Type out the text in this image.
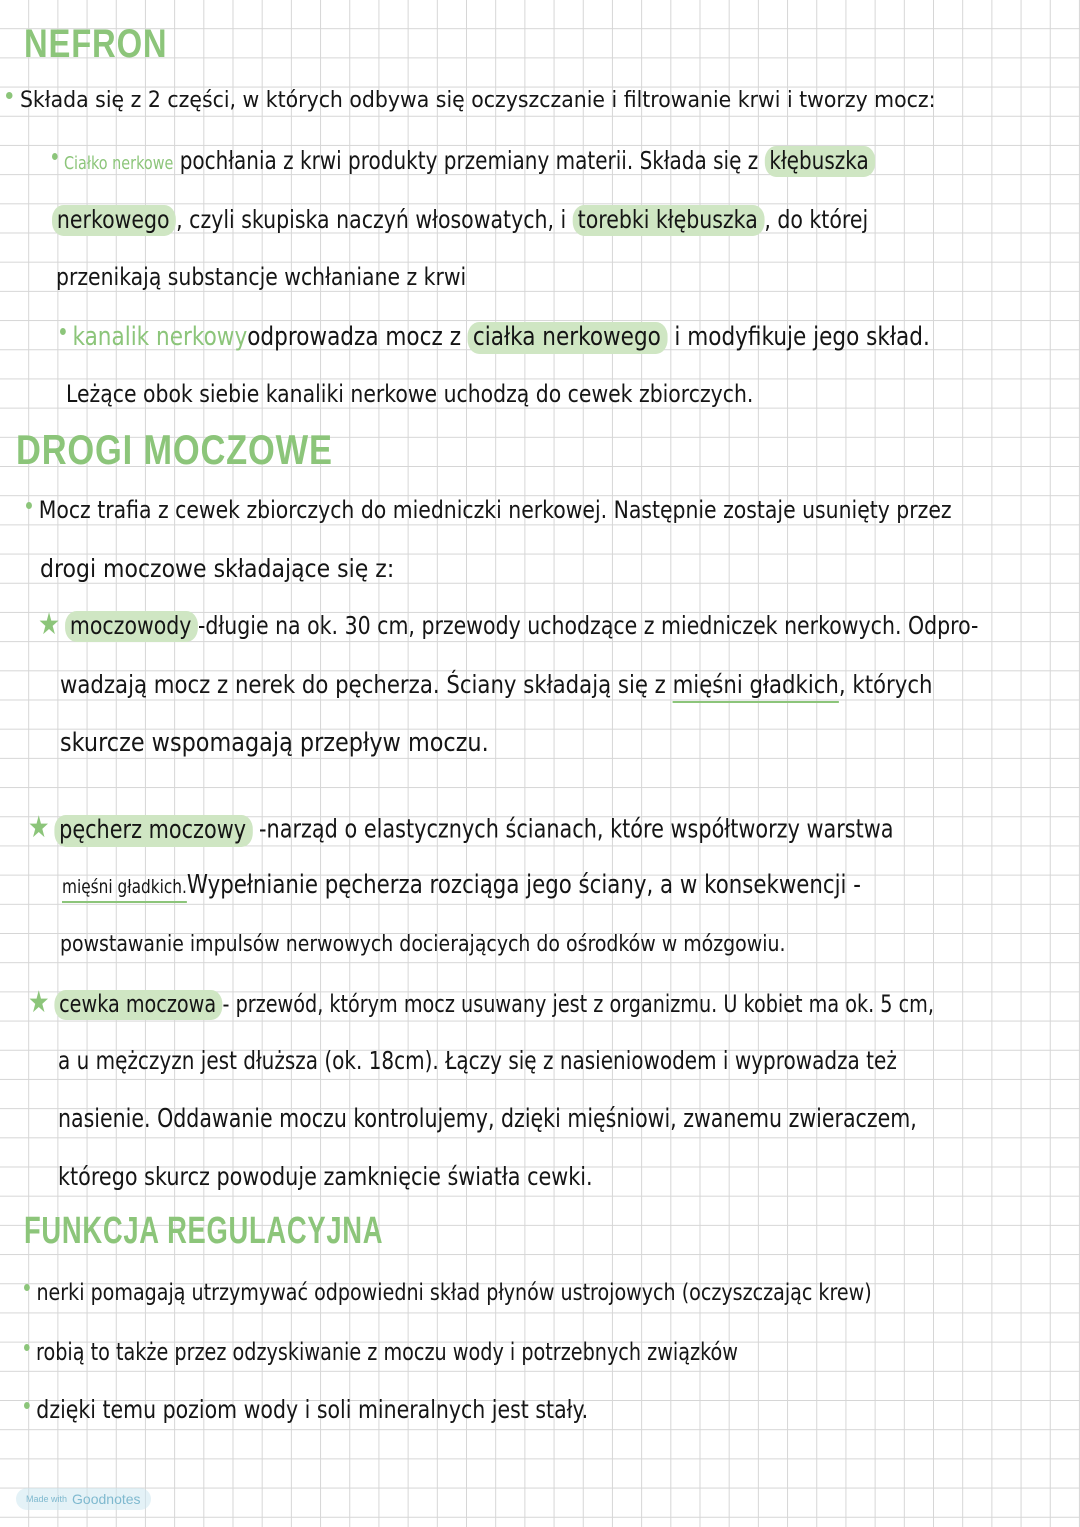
NEFRON
Składa się z 2 części, w których odbywa się oczyszczanie i filtrowanie krwi i tworzy mocz:
Ciałko nerkowe pochłania z krwi produkty przemiany materii. Składa się z kłębuszka
nerkowego , czyli skupiska naczyń włosowatych, i torebki kłębuszka , do której
przenikają substancje wchłaniane z krwi
kanalik nerkowyodprowadza mocz z ciałka nerkowego i modyfikuje jego skład.
Leżące obok siebie kanaliki nerkowe uchodzą do cewek zbiorczych.
DROGI MOCZOWE
Mocz trafia z cewek zbiorczych do miedniczki nerkowej. Następnie zostaje usunięty przez
drogi moczowe składające się z:
★ moczowody -długie na ok. 30 cm, przewody uchodzące z miedniczek nerkowych. Odpro-
wadzają mocz z nerek do pęcherza. Ściany składają się z mięśni gładkich, których
skurcze wspomagają przepływ moczu.
★ pęcherz moczowy -narząd o elastycznych ścianach, które współtworzy warstwa
mięśni gładkich.Wypełnianie pęcherza rozciąga jego ściany, a w konsekwencji -
powstawanie impulsów nerwowych docierających do ośrodków w mózgowiu.
★ cewka moczowa - przewód, którym mocz usuwany jest z organizmu. U kobiet ma ok. 5 cm,
a u mężczyzn jest dłuższa (ok. 18cm). Łączy się z nasieniowodem i wyprowadza też
nasienie. Oddawanie moczu kontrolujemy, dzięki mięśniowi, zwanemu zwieraczem,
którego skurcz powoduje zamknięcie światła cewki.
FUNKCJA REGULACYJNA
nerki pomagają utrzymywać odpowiedni skład płynów ustrojowych (oczyszczając krew)
robią to także przez odzyskiwanie z moczu wody i potrzebnych związków
dzięki temu poziom wody i soli mineralnych jest stały.
Made with Goodnotes
